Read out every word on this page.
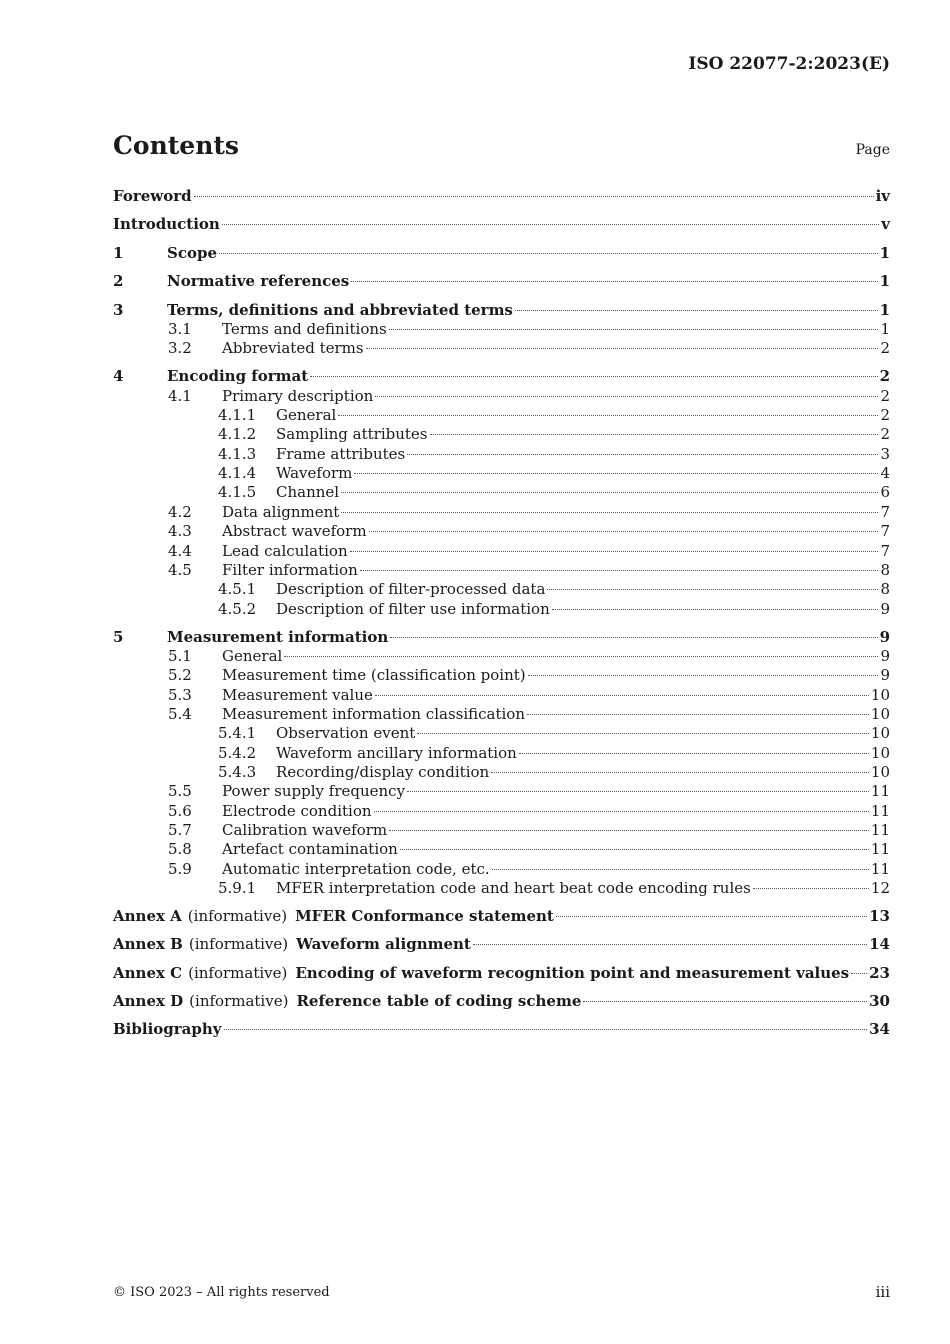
ISO 22077-2:2023(E)
Contents	Page
Foreword	iv
Introduction	v
1	Scope	1
2	Normative references	1
3	Terms, definitions and abbreviated terms	1
3.1	Terms and definitions	1
3.2	Abbreviated terms	2
4	Encoding format	2
4.1	Primary description	2
4.1.1	General	2
4.1.2	Sampling attributes	2
4.1.3	Frame attributes	3
4.1.4	Waveform	4
4.1.5	Channel	6
4.2	Data alignment	7
4.3	Abstract waveform	7
4.4	Lead calculation	7
4.5	Filter information	8
4.5.1	Description of filter-processed data	8
4.5.2	Description of filter use information	9
5	Measurement information	9
5.1	General	9
5.2	Measurement time (classification point)	9
5.3	Measurement value	10
5.4	Measurement information classification	10
5.4.1	Observation event	10
5.4.2	Waveform ancillary information	10
5.4.3	Recording/display condition	10
5.5	Power supply frequency	11
5.6	Electrode condition	11
5.7	Calibration waveform	11
5.8	Artefact contamination	11
5.9	Automatic interpretation code, etc.	11
5.9.1	MFER interpretation code and heart beat code encoding rules	12
Annex A (informative) MFER Conformance statement	13
Annex B (informative) Waveform alignment	14
Annex C (informative) Encoding of waveform recognition point and measurement values 23
Annex D (informative) Reference table of coding scheme	30
Bibliography	34
© ISO 2023 – All rights reserved	iii
